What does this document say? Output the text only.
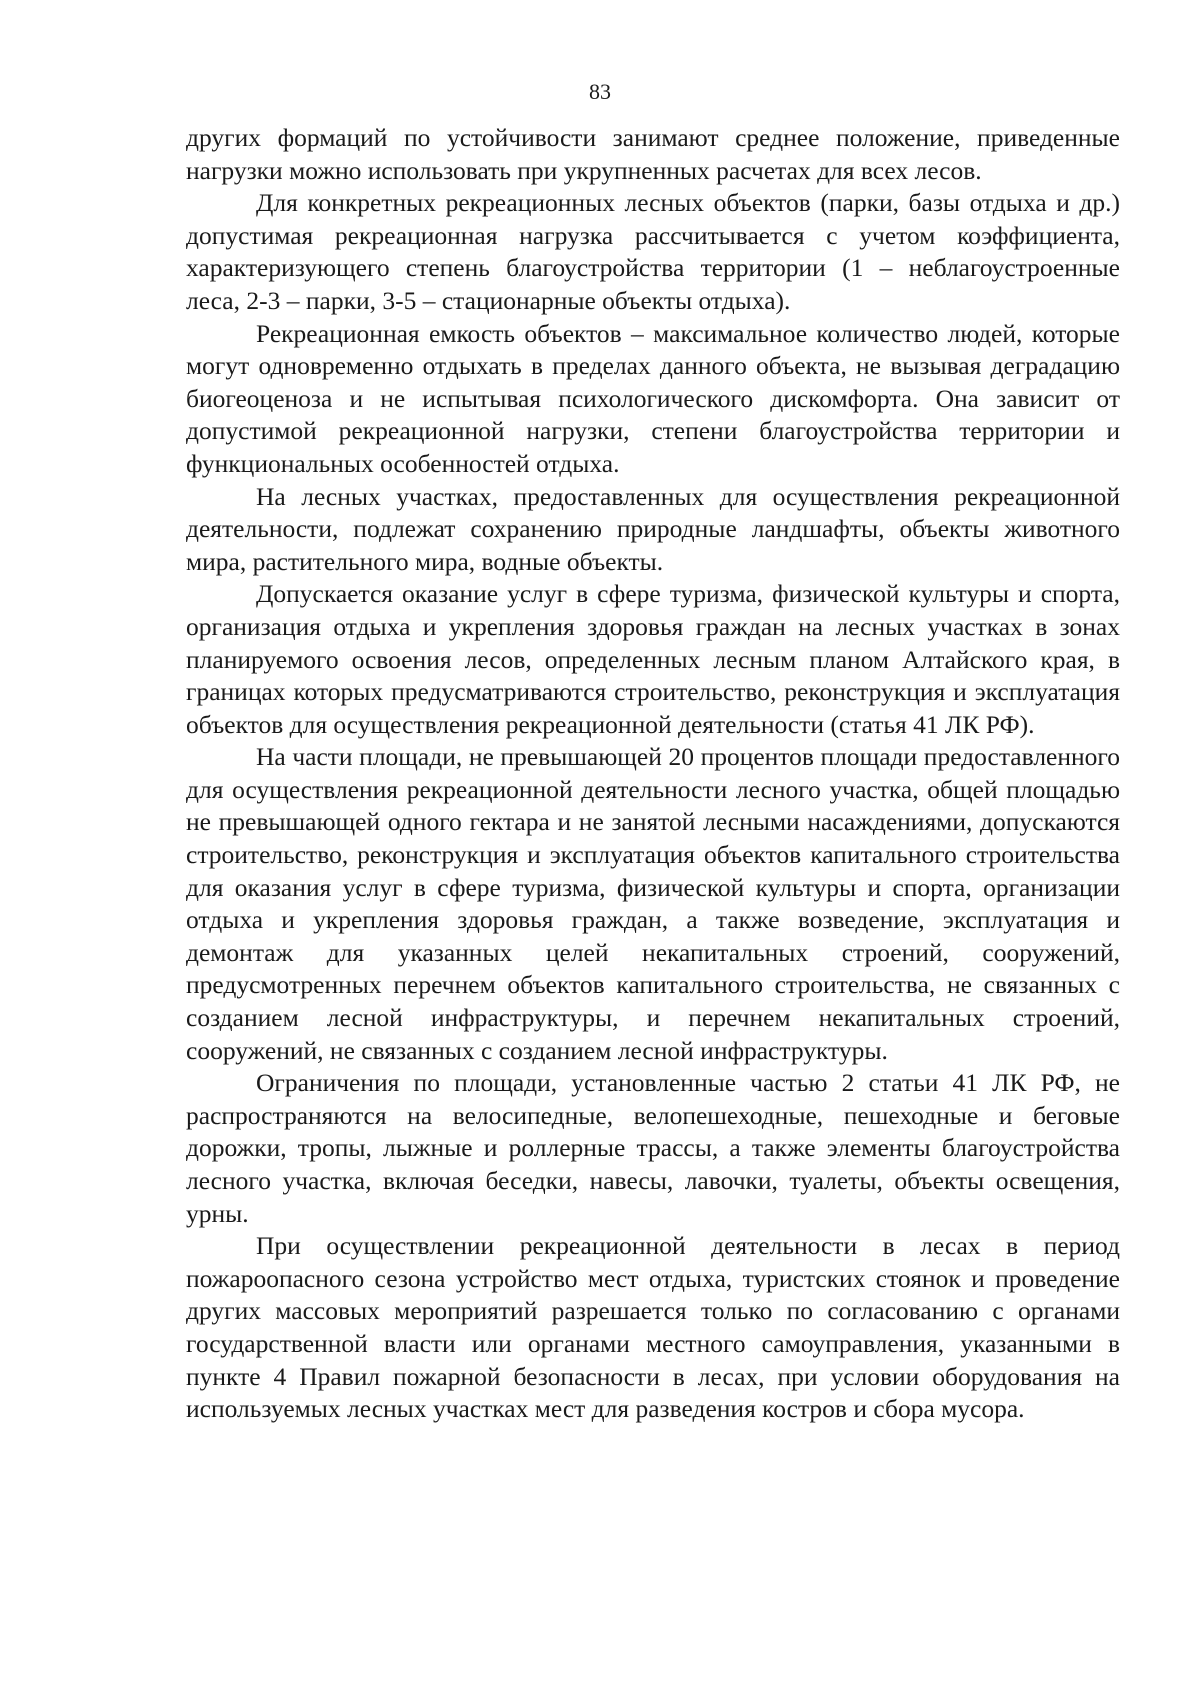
83

других формаций по устойчивости занимают среднее положение, приведенные нагрузки можно использовать при укрупненных расчетах для всех лесов.

Для конкретных рекреационных лесных объектов (парки, базы отдыха и др.) допустимая рекреационная нагрузка рассчитывается с учетом коэффициента, характеризующего степень благоустройства территории (1 – неблагоустроенные леса, 2-3 – парки, 3-5 – стационарные объекты отдыха).

Рекреационная емкость объектов – максимальное количество людей, которые могут одновременно отдыхать в пределах данного объекта, не вызывая деградацию биогеоценоза и не испытывая психологического дискомфорта. Она зависит от допустимой рекреационной нагрузки, степени благоустройства территории и функциональных особенностей отдыха.

На лесных участках, предоставленных для осуществления рекреационной деятельности, подлежат сохранению природные ландшафты, объекты животного мира, растительного мира, водные объекты.

Допускается оказание услуг в сфере туризма, физической культуры и спорта, организация отдыха и укрепления здоровья граждан на лесных участках в зонах планируемого освоения лесов, определенных лесным планом Алтайского края, в границах которых предусматриваются строительство, реконструкция и эксплуатация объектов для осуществления рекреационной деятельности (статья 41 ЛК РФ).

На части площади, не превышающей 20 процентов площади предоставленного для осуществления рекреационной деятельности лесного участка, общей площадью не превышающей одного гектара и не занятой лесными насаждениями, допускаются строительство, реконструкция и эксплуатация объектов капитального строительства для оказания услуг в сфере туризма, физической культуры и спорта, организации отдыха и укрепления здоровья граждан, а также возведение, эксплуатация и демонтаж для указанных целей некапитальных строений, сооружений, предусмотренных перечнем объектов капитального строительства, не связанных с созданием лесной инфраструктуры, и перечнем некапитальных строений, сооружений, не связанных с созданием лесной инфраструктуры.

Ограничения по площади, установленные частью 2 статьи 41 ЛК РФ, не распространяются на велосипедные, велопешеходные, пешеходные и беговые дорожки, тропы, лыжные и роллерные трассы, а также элементы благоустройства лесного участка, включая беседки, навесы, лавочки, туалеты, объекты освещения, урны.

При осуществлении рекреационной деятельности в лесах в период пожароопасного сезона устройство мест отдыха, туристских стоянок и проведение других массовых мероприятий разрешается только по согласованию с органами государственной власти или органами местного самоуправления, указанными в пункте 4 Правил пожарной безопасности в лесах, при условии оборудования на используемых лесных участках мест для разведения костров и сбора мусора.
